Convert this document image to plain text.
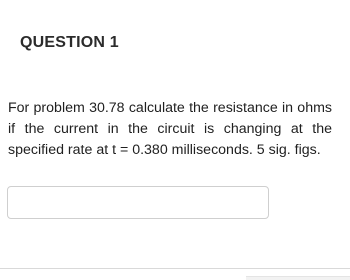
QUESTION 1

For problem 30.78 calculate the resistance in ohms if the current in the circuit is changing at the specified rate at t = 0.380 milliseconds. 5 sig. figs.
